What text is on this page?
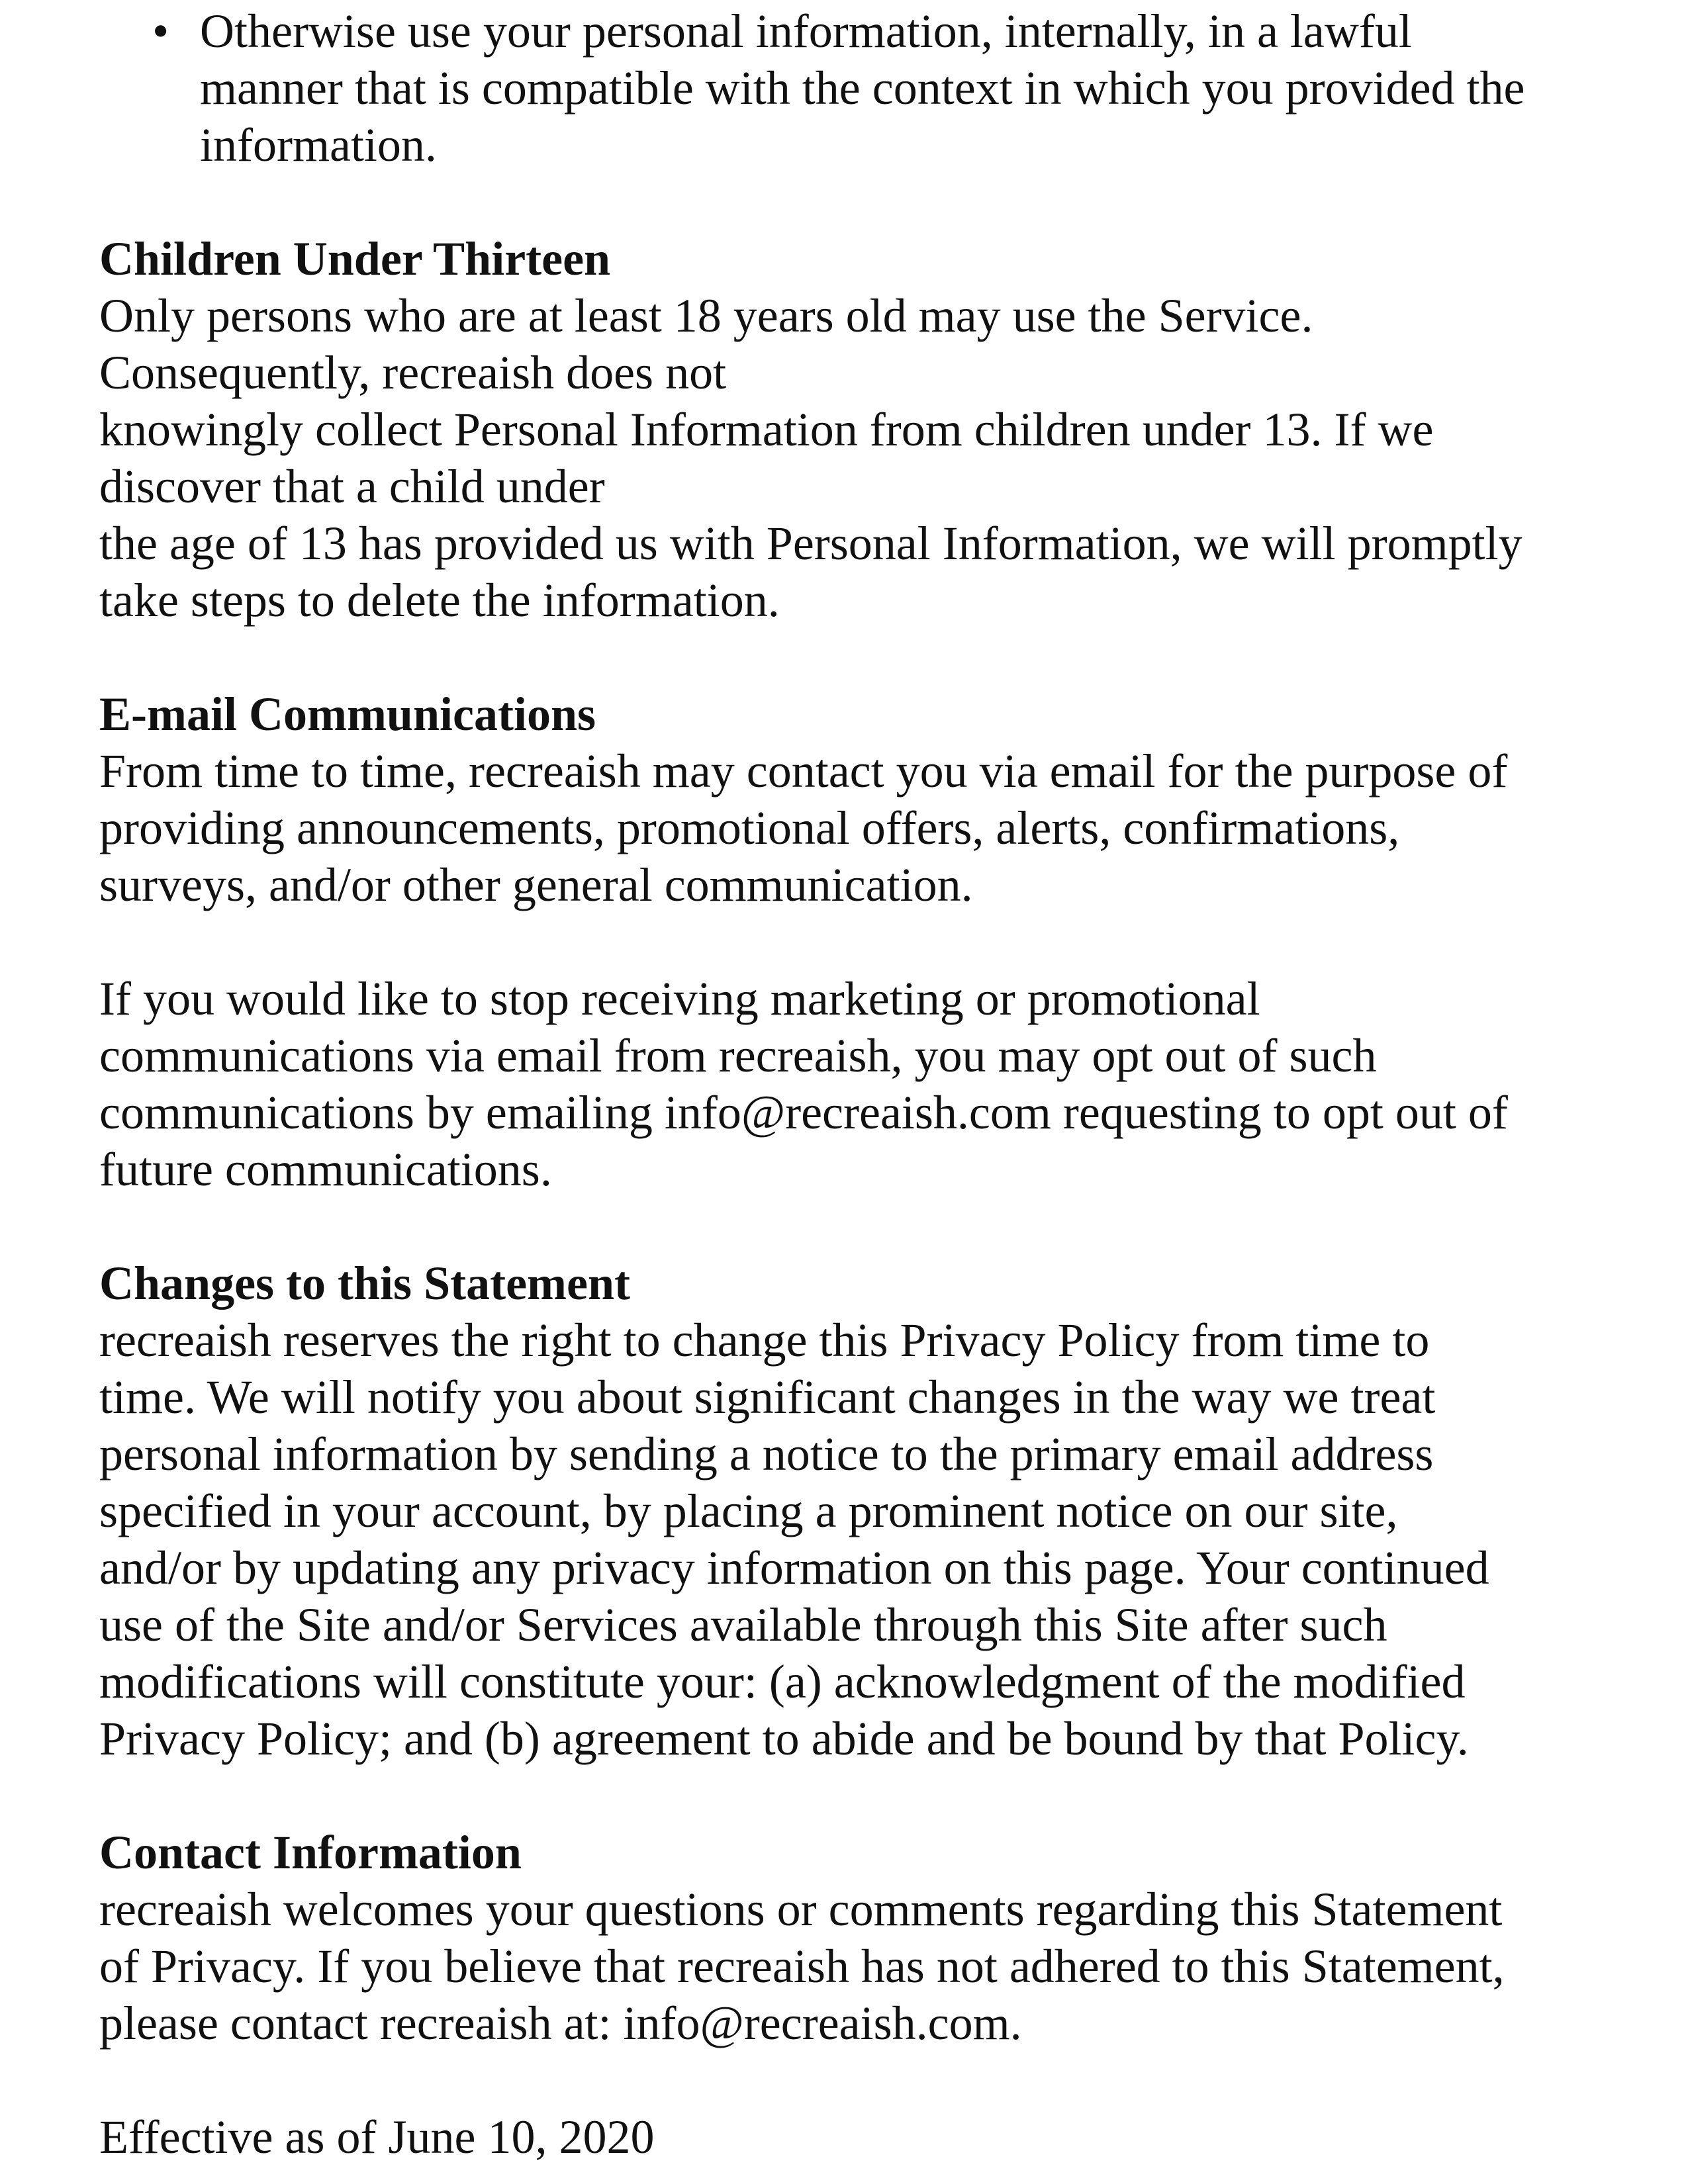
• Otherwise use your personal information, internally, in a lawful
manner that is compatible with the context in which you provided the
information.
Children Under Thirteen
Only persons who are at least 18 years old may use the Service.
Consequently, recreaish does not
knowingly collect Personal Information from children under 13. If we
discover that a child under
the age of 13 has provided us with Personal Information, we will promptly
take steps to delete the information.
E-mail Communications
From time to time, recreaish may contact you via email for the purpose of
providing announcements, promotional offers, alerts, confirmations,
surveys, and/or other general communication.
If you would like to stop receiving marketing or promotional
communications via email from recreaish, you may opt out of such
communications by emailing info@recreaish.com requesting to opt out of
future communications.
Changes to this Statement
recreaish reserves the right to change this Privacy Policy from time to
time. We will notify you about significant changes in the way we treat
personal information by sending a notice to the primary email address
specified in your account, by placing a prominent notice on our site,
and/or by updating any privacy information on this page. Your continued
use of the Site and/or Services available through this Site after such
modifications will constitute your: (a) acknowledgment of the modified
Privacy Policy; and (b) agreement to abide and be bound by that Policy.
Contact Information
recreaish welcomes your questions or comments regarding this Statement
of Privacy. If you believe that recreaish has not adhered to this Statement,
please contact recreaish at: info@recreaish.com.
Effective as of June 10, 2020
